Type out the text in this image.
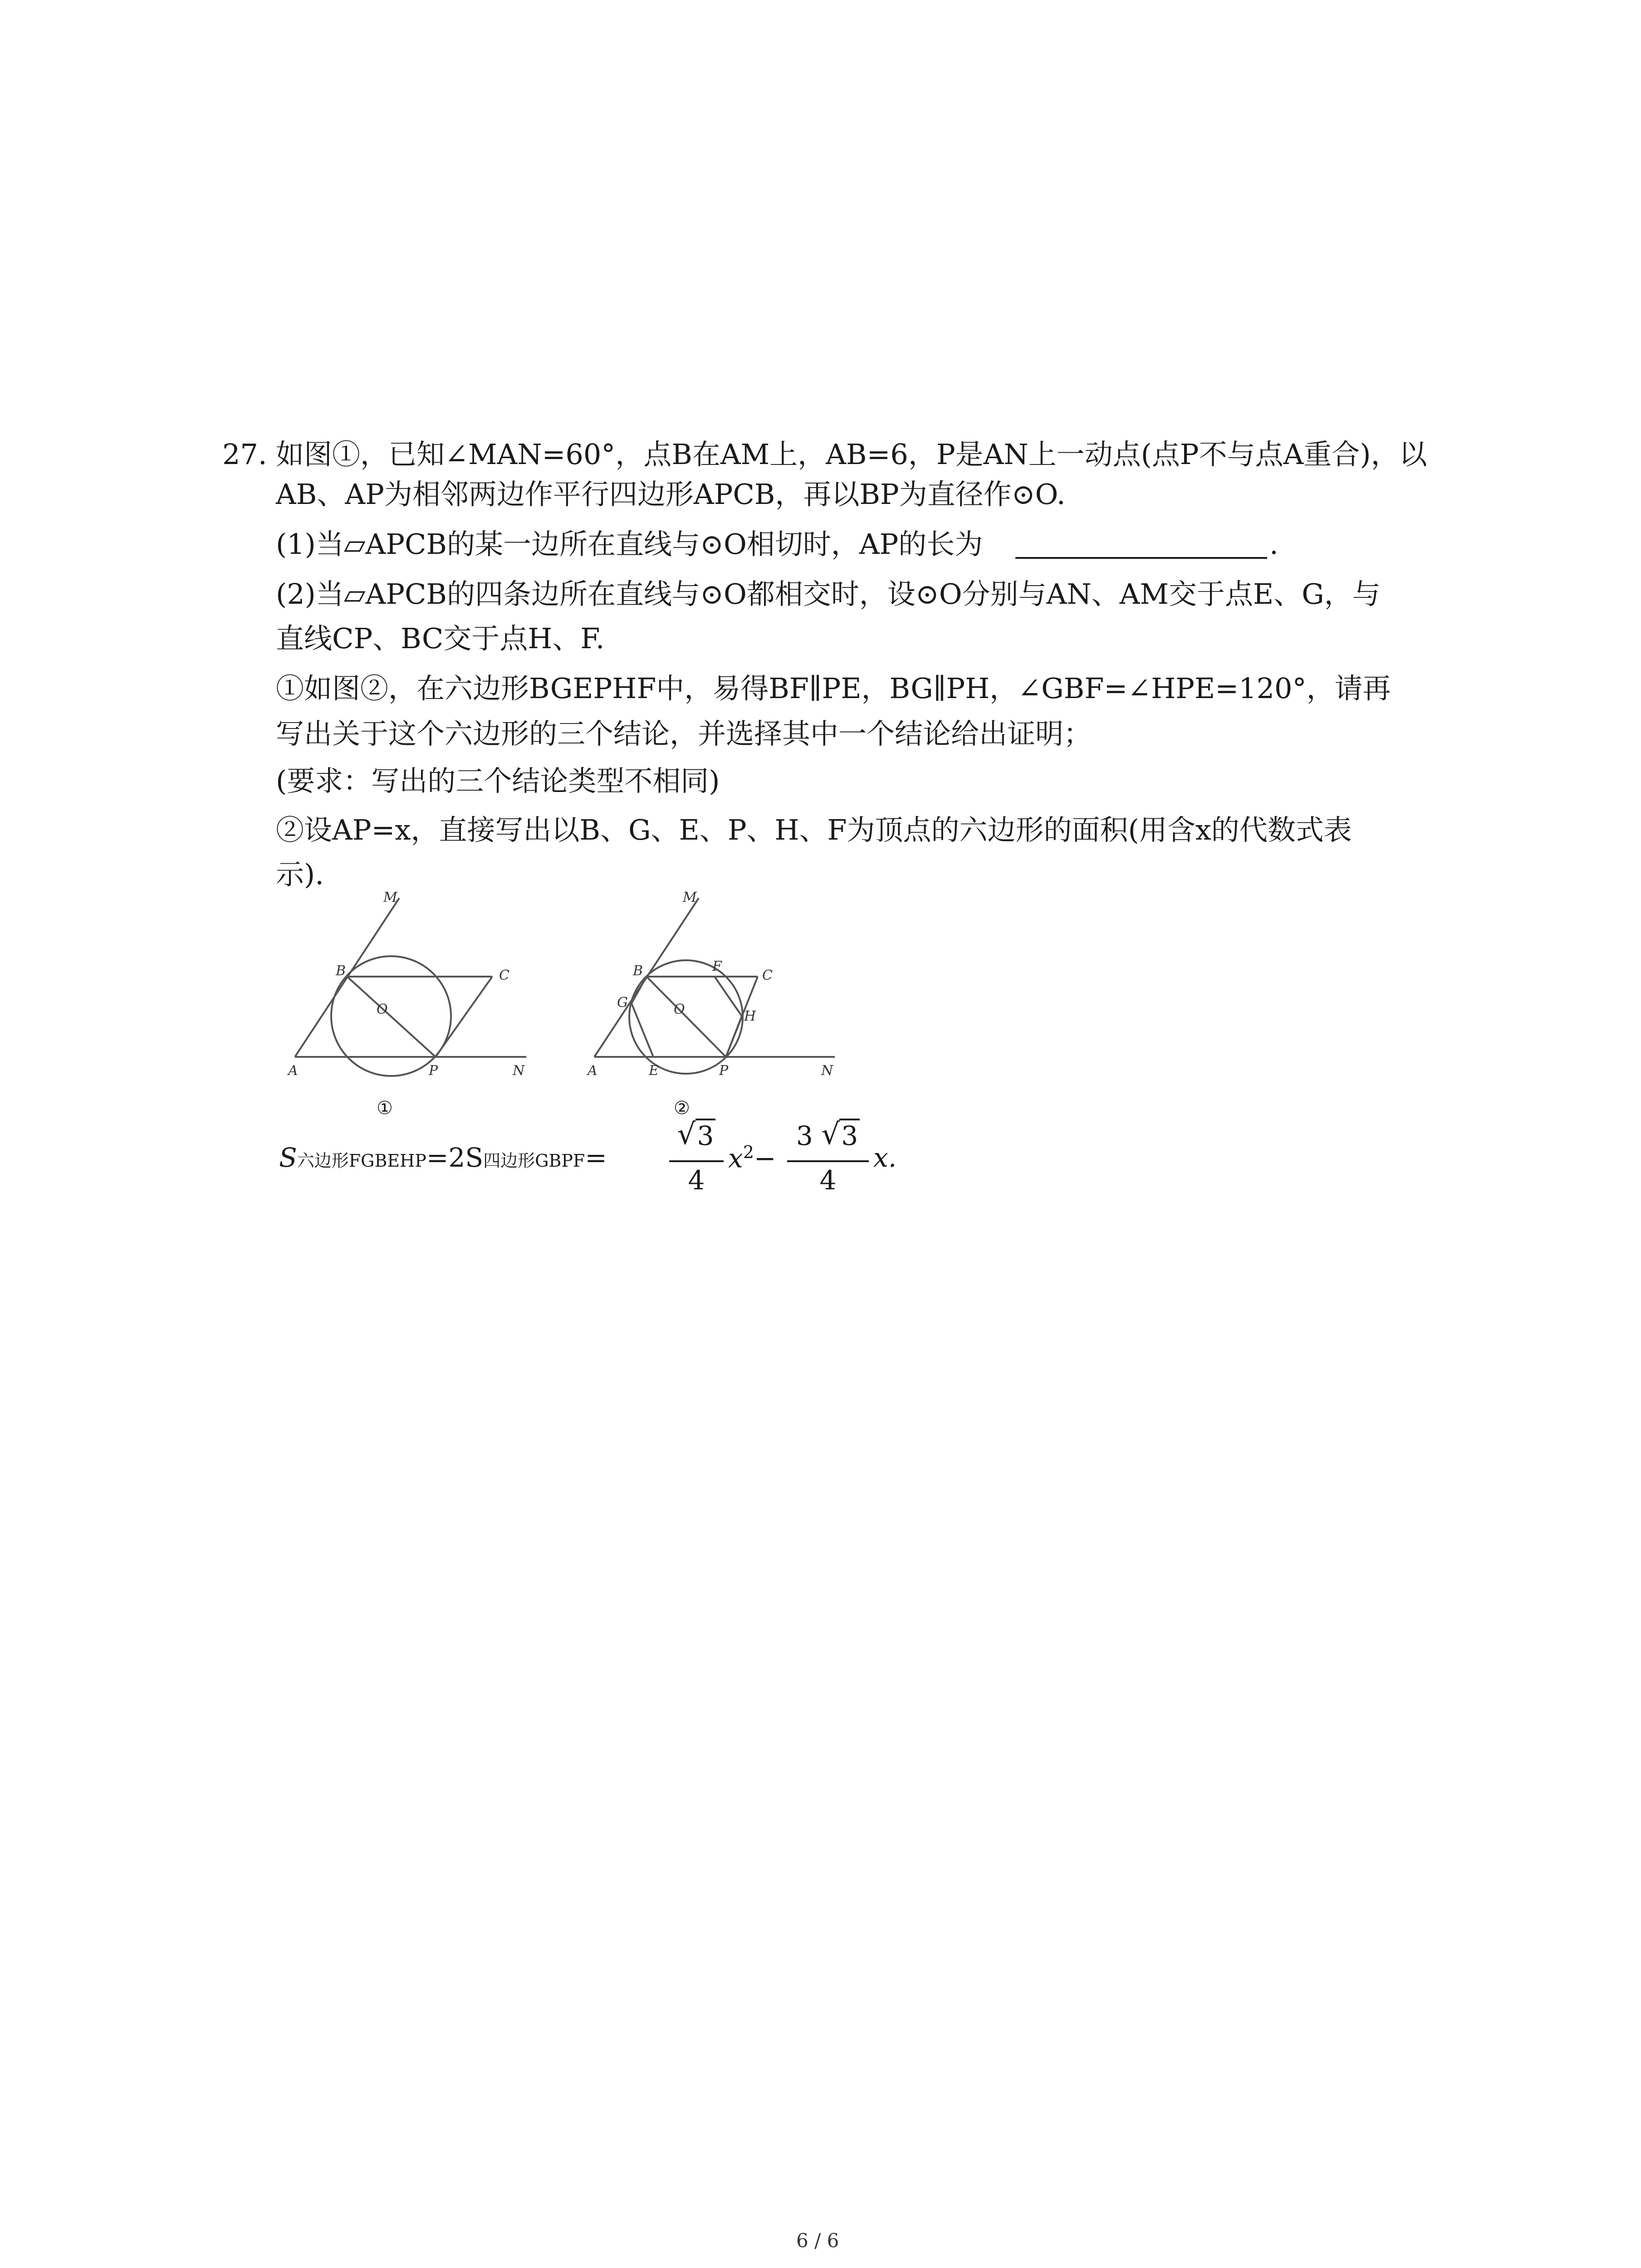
27. 如图①，已知∠MAN=60°，点B在AM上，AB=6，P是AN上一动点(点P不与点A重合)，以
AB、AP为相邻两边作平行四边形APCB，再以BP为直径作⊙O.
(1)当▱APCB的某一边所在直线与⊙O相切时，AP的长为	.
(2)当▱APCB的四条边所在直线与⊙O都相交时，设⊙O分别与AN、AM交于点E、G，与
直线CP、BC交于点H、F.
①如图②，在六边形BGEPHF中，易得BF∥PE，BG∥PH，∠GBF=∠HPE=120°，请再
写出关于这个六边形的三个结论，并选择其中一个结论给出证明；
(要求：写出的三个结论类型不相同)
②设AP=x，直接写出以B、G、E、P、H、F为顶点的六边形的面积(用含x的代数式表
示).
M
B	C
O
A	P	N
①
M
B	F
C
G	O	H
A	E	P	N
②
S六边形FGBEHP=2S四边形GBPF=
√ 3
4
$x^2-$
3 √ 3
4
x.
6 / 6
